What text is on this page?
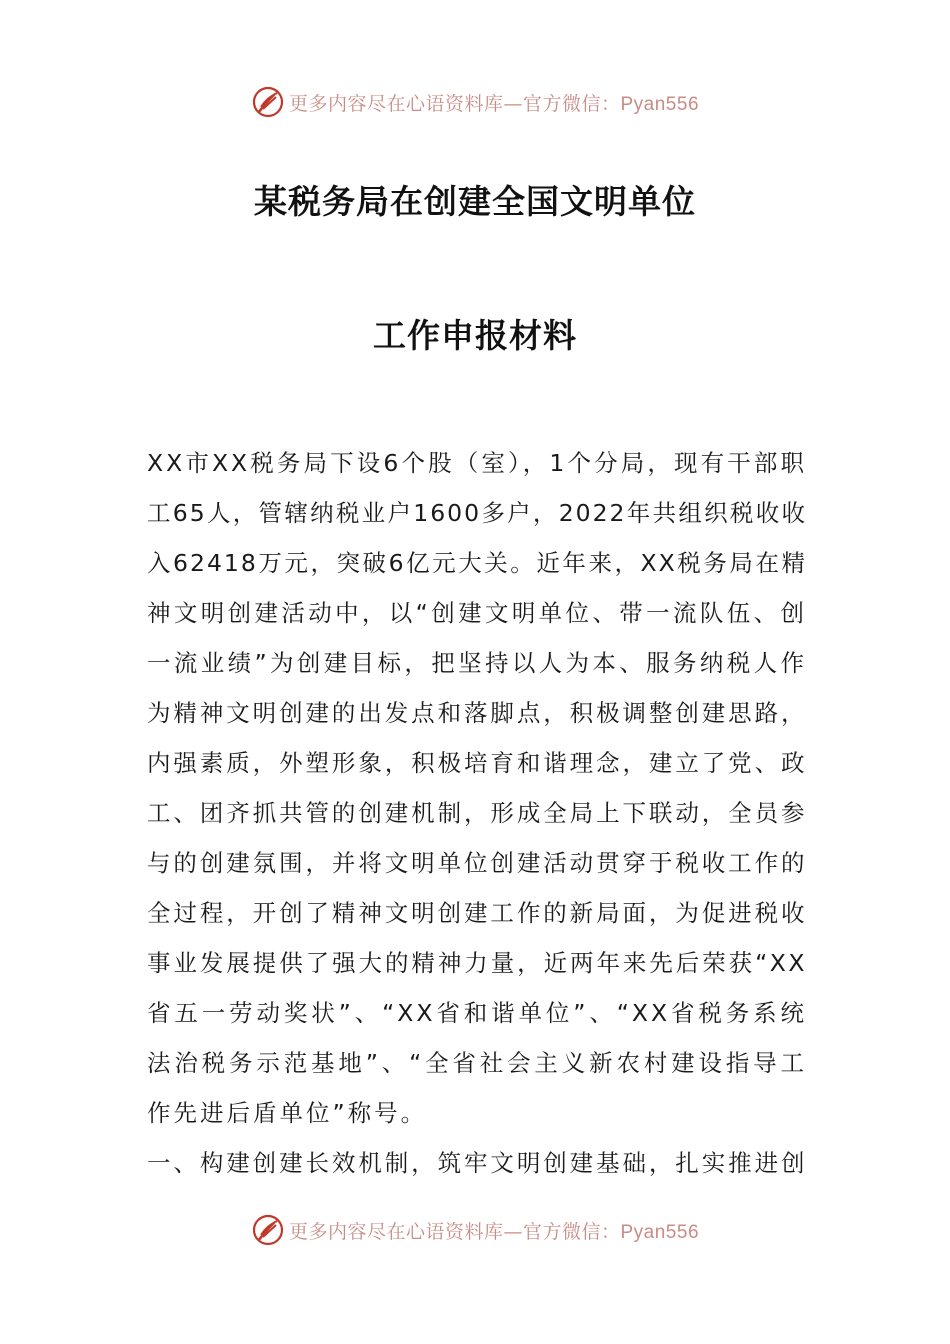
更多内容尽在心语资料库—官方微信：Pyan556
某税务局在创建全国文明单位
工作申报材料
XX市XX税务局下设6个股（室），1个分局，现有干部职
工65人，管辖纳税业户1600多户，2022年共组织税收收
入62418万元，突破6亿元大关。近年来，XX税务局在精
神文明创建活动中，以“创建文明单位、带一流队伍、创
一流业绩”为创建目标，把坚持以人为本、服务纳税人作
为精神文明创建的出发点和落脚点，积极调整创建思路，
内强素质，外塑形象，积极培育和谐理念，建立了党、政
工、团齐抓共管的创建机制，形成全局上下联动，全员参
与的创建氛围，并将文明单位创建活动贯穿于税收工作的
全过程，开创了精神文明创建工作的新局面，为促进税收
事业发展提供了强大的精神力量，近两年来先后荣获“XX
省五一劳动奖状”、“XX省和谐单位”、“XX省税务系统
法治税务示范基地”、“全省社会主义新农村建设指导工
作先进后盾单位”称号。
一、构建创建长效机制，筑牢文明创建基础，扎实推进创
更多内容尽在心语资料库—官方微信：Pyan556
